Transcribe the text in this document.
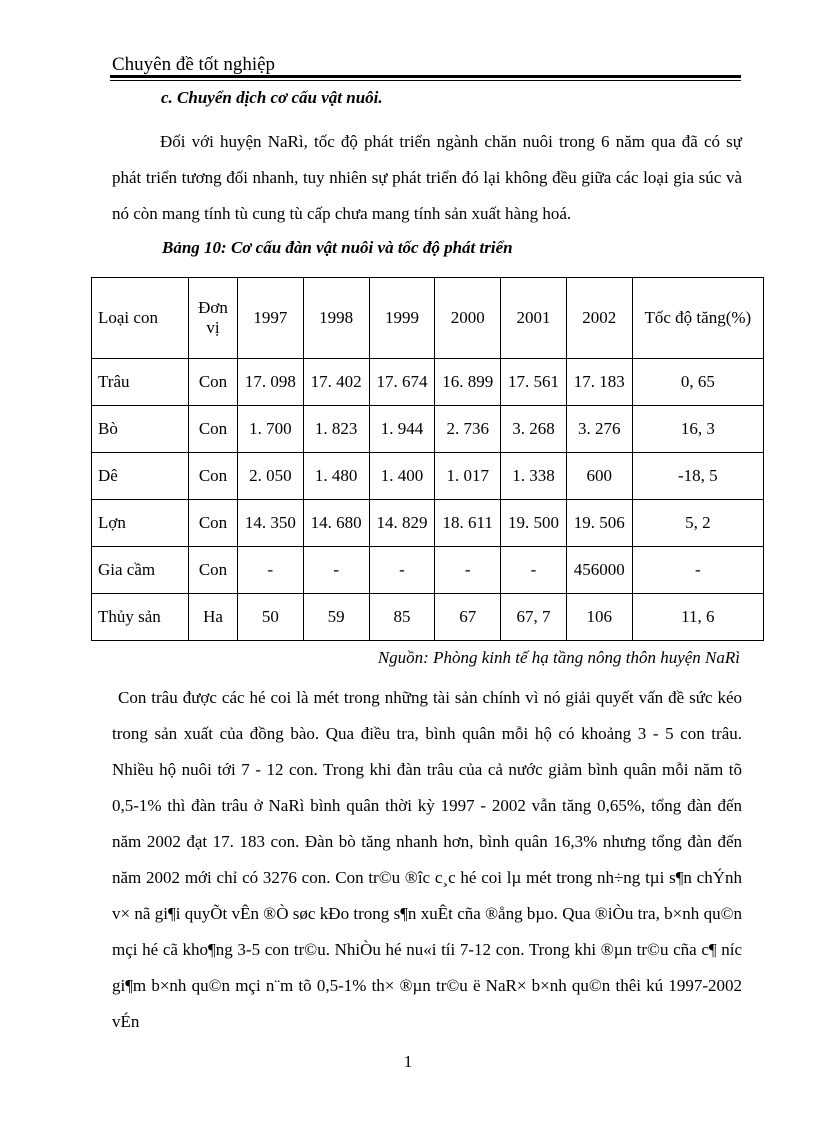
Chuyên đề tốt nghiệp
c. Chuyển dịch cơ cấu vật nuôi.

Đối với huyện NaRì, tốc độ phát triển ngành chăn nuôi trong 6 năm qua đã có sự phát triển tương đối nhanh, tuy nhiên sự phát triển đó lại không đều giữa các loại gia súc và nó còn mang tính tù cung tù cấp chưa mang tính sản xuất hàng hoá.

Bảng 10: Cơ cấu đàn vật nuôi và tốc độ phát triển
Loại con	Đơn vị	1997	1998	1999	2000	2001	2002	Tốc độ tăng(%)
Trâu	Con	17. 098	17. 402	17. 674	16. 899	17. 561	17. 183	0, 65
Bò	Con	1. 700	1. 823	1. 944	2. 736	3. 268	3. 276	16, 3
Dê	Con	2. 050	1. 480	1. 400	1. 017	1. 338	600	-18, 5
Lợn	Con	14. 350	14. 680	14. 829	18. 611	19. 500	19. 506	5, 2
Gia cầm	Con	-	-	-	-	-	456000	-
Thủy sản	Ha	50	59	85	67	67, 7	106	11, 6
Nguồn: Phòng kinh tế hạ tầng nông thôn huyện NaRì

Con trâu được các hé coi là mét trong những tài sản chính vì nó giải quyết vấn đề sức kéo trong sản xuất của đồng bào. Qua điều tra, bình quân mỗi hộ có khoảng 3 - 5 con trâu. Nhiều hộ nuôi tới 7 - 12 con. Trong khi đàn trâu của cả nước giảm bình quân mỗi năm tõ 0,5-1% thì đàn trâu ở NaRì bình quân thời kỳ 1997 - 2002 vẫn tăng 0,65%, tổng đàn đến năm 2002 đạt 17. 183 con. Đàn bò tăng nhanh hơn, bình quân 16,3% nhưng tổng đàn đến năm 2002 mới chỉ có 3276 con. Con tr©u ®îc c¸c hé coi lµ mét trong nh÷ng tµi s¶n chÝnh v× nã gi¶i quyÕt vÊn ®Ò søc kÐo trong s¶n xuÊt cña ®ång bµo. Qua ®iÒu tra, b×nh qu©n mçi hé cã kho¶ng 3-5 con tr©u. NhiÒu hé nu«i tíi 7-12 con. Trong khi ®µn tr©u cña c¶ níc gi¶m b×nh qu©n mçi n¨m tõ 0,5-1% th× ®µn tr©u ë NaR× b×nh qu©n thêi kú 1997-2002 vÉn

1
